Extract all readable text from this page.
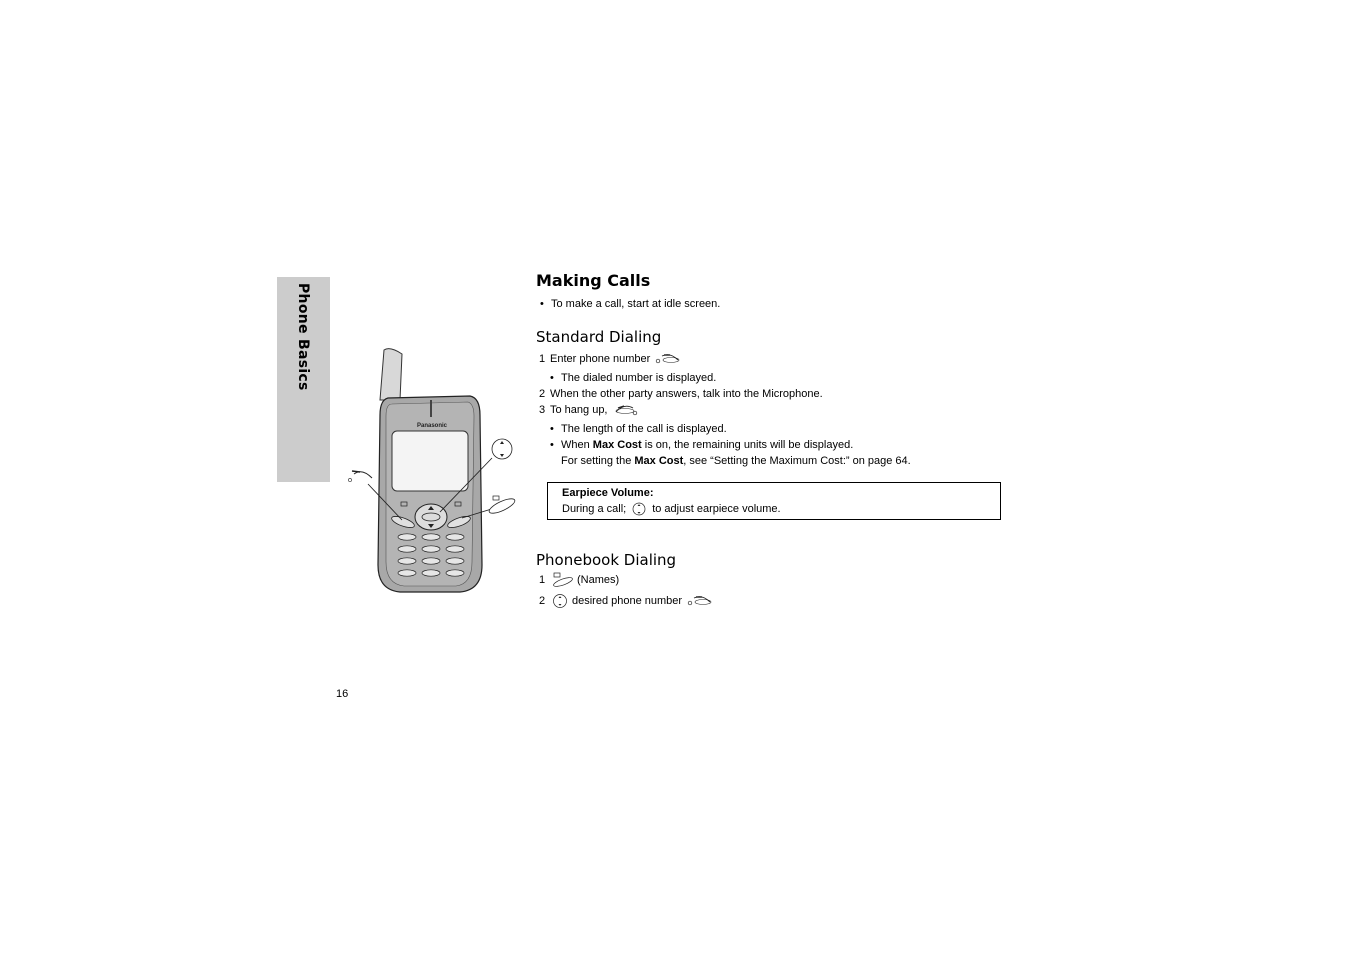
Phone Basics
Panasonic
Making Calls
• To make a call, start at idle screen.
Standard Dialing
1 Enter phone number
• The dialed number is displayed.
2 When the other party answers, talk into the Microphone.
3 To hang up,
• The length of the call is displayed.
• When Max Cost is on, the remaining units will be displayed.
For setting the Max Cost , see “Setting the Maximum Cost:” on page 64.
Earpiece Volume:
During a call; to adjust earpiece volume.
Phonebook Dialing
1	(Names)
2	desired phone number
16
